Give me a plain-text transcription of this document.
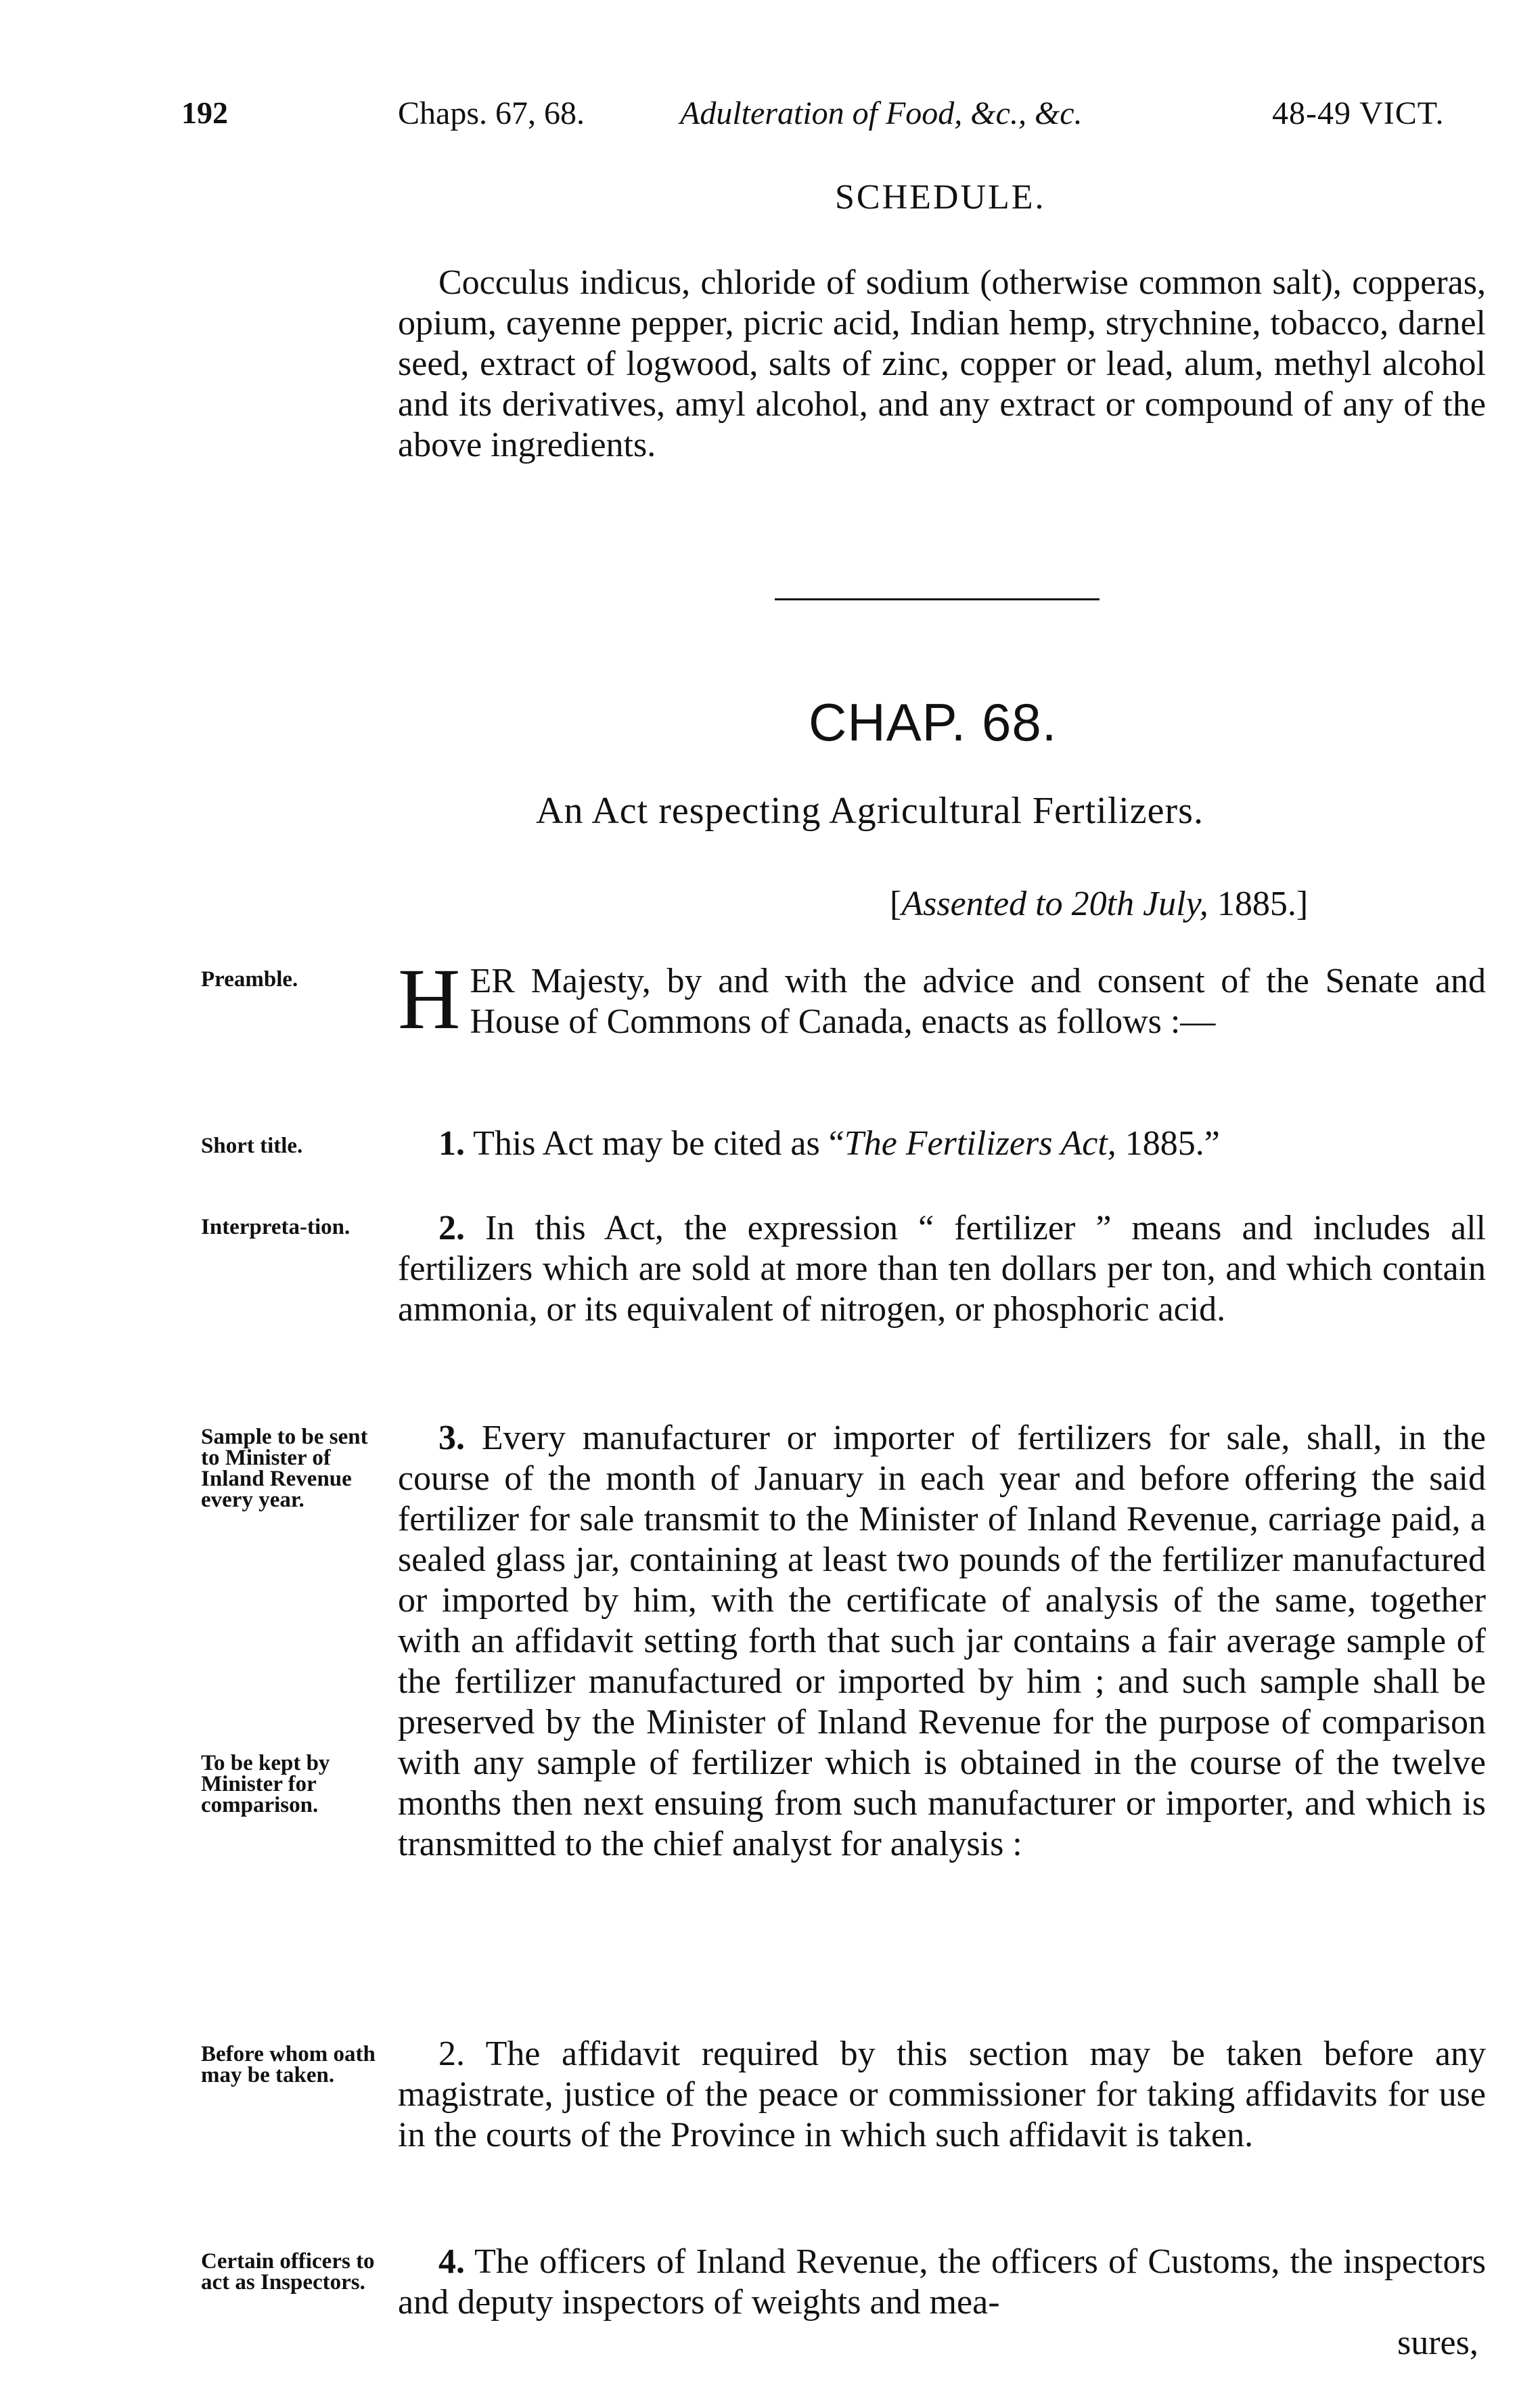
192	Chaps. 67, 68.	Adulteration of Food, &c., &c.	48-49 VICT.
SCHEDULE.
Cocculus indicus, chloride of sodium (otherwise common salt), copperas, opium, cayenne pepper, picric acid, Indian hemp, strychnine, tobacco, darnel seed, extract of logwood, salts of zinc, copper or lead, alum, methyl alcohol and its derivatives, amyl alcohol, and any extract or compound of any of the above ingredients.
CHAP. 68.
An Act respecting Agricultural Fertilizers.
[Assented to 20th July, 1885.]
Preamble.
Short title.
Interpreta-tion.
Sample to be sent to Minister of Inland Revenue every year.
To be kept by Minister for comparison.
Before whom oath may be taken.
Certain officers to act as Inspectors.
HER Majesty, by and with the advice and consent of the Senate and House of Commons of Canada, enacts as follows :—
1. This Act may be cited as “The Fertilizers Act, 1885.”
2. In this Act, the expression “ fertilizer ” means and includes all fertilizers which are sold at more than ten dollars per ton, and which contain ammonia, or its equivalent of nitrogen, or phosphoric acid.
3. Every manufacturer or importer of fertilizers for sale, shall, in the course of the month of January in each year and before offering the said fertilizer for sale transmit to the Minister of Inland Revenue, carriage paid, a sealed glass jar, containing at least two pounds of the fertilizer manufactured or imported by him, with the certificate of analysis of the same, together with an affidavit setting forth that such jar contains a fair average sample of the fertilizer manufactured or imported by him ; and such sample shall be preserved by the Minister of Inland Revenue for the purpose of comparison with any sample of fertilizer which is obtained in the course of the twelve months then next ensuing from such manufacturer or importer, and which is transmitted to the chief analyst for analysis :
2. The affidavit required by this section may be taken before any magistrate, justice of the peace or commissioner for taking affidavits for use in the courts of the Province in which such affidavit is taken.
4. The officers of Inland Revenue, the officers of Customs, the inspectors and deputy inspectors of weights and mea-
sures,
